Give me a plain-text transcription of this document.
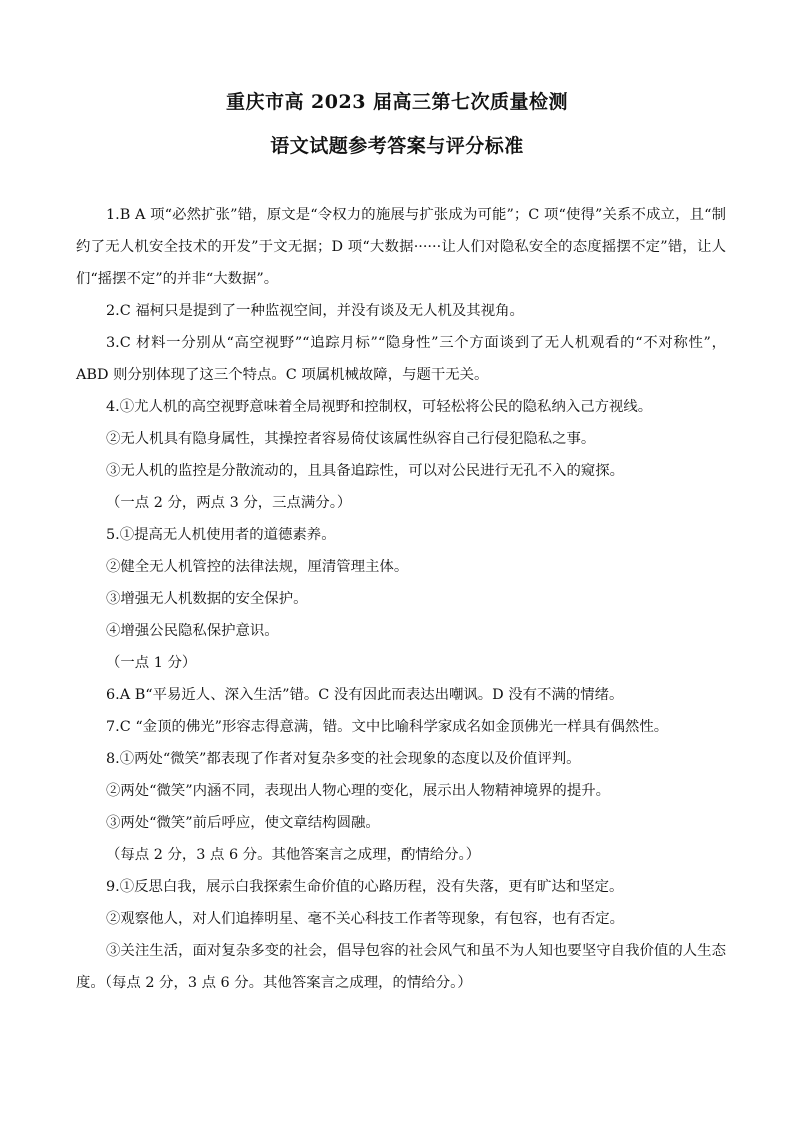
重庆市高 2023 届高三第七次质量检测
语文试题参考答案与评分标准

1.B A 项“必然扩张”错，原文是“令权力的施展与扩张成为可能”；C 项“使得”关系不成立，且“制约了无人机安全技术的开发”于文无据；D 项“大数据······让人们对隐私安全的态度摇摆不定”错，让人们“摇摆不定”的并非“大数据”。

2.C 福柯只是提到了一种监视空间，并没有谈及无人机及其视角。

3.C 材料一分别从“高空视野”“追踪月标”“隐身性”三个方面谈到了无人机观看的“不对称性”，ABD 则分别体现了这三个特点。C 项属机械故障，与题干无关。

4.①尤人机的高空视野意味着全局视野和控制权，可轻松将公民的隐私纳入己方视线。

②无人机具有隐身属性，其操控者容易倚仗该属性纵容自己行侵犯隐私之事。

③无人机的监控是分散流动的，且具备追踪性，可以对公民进行无孔不入的窥探。

（一点 2 分，两点 3 分，三点满分。）

5.①提高无人机使用者的道德素养。

②健全无人机管控的法律法规，厘清管理主体。

③增强无人机数据的安全保护。

④增强公民隐私保护意识。

（一点 1 分）

6.A B“平易近人、深入生活”错。C 没有因此而表达出嘲讽。D 没有不满的情绪。

7.C “金顶的佛光”形容志得意满，错。文中比喻科学家成名如金顶佛光一样具有偶然性。

8.①两处“微笑”都表现了作者对复杂多变的社会现象的态度以及价值评判。

②两处“微笑”内涵不同，表现出人物心理的变化，展示出人物精神境界的提升。

③两处“微笑”前后呼应，使文章结构圆融。

（每点 2 分，3 点 6 分。其他答案言之成理，酌情给分。）

9.①反思白我，展示白我探索生命价值的心路历程，没有失落，更有旷达和坚定。

②观察他人，对人们追捧明星、毫不关心科技工作者等现象，有包容，也有否定。

③关注生活，面对复杂多变的社会，倡导包容的社会风气和虽不为人知也要坚守自我价值的人生态度。（每点 2 分，3 点 6 分。其他答案言之成理，的情给分。）
